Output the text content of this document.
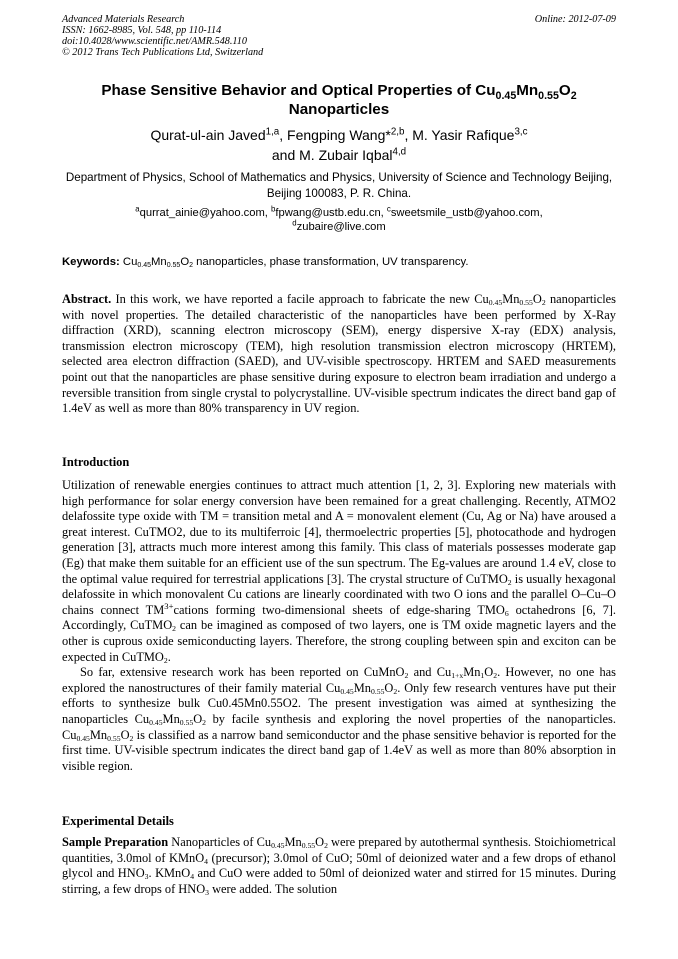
Advanced Materials Research
ISSN: 1662-8985, Vol. 548, pp 110-114
doi:10.4028/www.scientific.net/AMR.548.110
© 2012 Trans Tech Publications Ltd, Switzerland
Online: 2012-07-09
Phase Sensitive Behavior and Optical Properties of $Cu_{0.45}Mn_{0.55}O_2$
Nanoparticles
Qurat-ul-ain Javed$^{1,a}$, Fengping Wang*$^{2,b}$, M. Yasir Rafique$^{3,c}$
and M. Zubair Iqbal$^{4,d}$
Department of Physics, School of Mathematics and Physics, University of Science and Technology Beijing, Beijing 100083, P. R. China.
$^a$qurrat_ainie@yahoo.com, $^b$fpwang@ustb.edu.cn, $^c$sweetsmile_ustb@yahoo.com,
$^d$zubaire@live.com
Keywords: $Cu_{0.45}Mn_{0.55}O_2$ nanoparticles, phase transformation, UV transparency.

Abstract. In this work, we have reported a facile approach to fabricate the new Cu0.45Mn0.55O2 nanoparticles with novel properties. The detailed characteristic of the nanoparticles have been performed by X-Ray diffraction (XRD), scanning electron microscopy (SEM), energy dispersive X-ray (EDX) analysis, transmission electron microscopy (TEM), high resolution transmission electron microscopy (HRTEM), selected area electron diffraction (SAED), and UV-visible spectroscopy. HRTEM and SAED measurements point out that the nanoparticles are phase sensitive during exposure to electron beam irradiation and undergo a reversible transition from single crystal to polycrystalline. UV-visible spectrum indicates the direct band gap of 1.4eV as well as more than 80% transparency in UV region.

Introduction

Utilization of renewable energies continues to attract much attention [1, 2, 3]. Exploring new materials with high performance for solar energy conversion have been remained for a great challenging. Recently, ATMO2 delafossite type oxide with TM = transition metal and A = monovalent element (Cu, Ag or Na) have aroused a great interest. CuTMO2, due to its multiferroic [4], thermoelectric properties [5], photocathode and hydrogen generation [3], attracts much more interest among this family. This class of materials possesses moderate gap (Eg) that make them suitable for an efficient use of the sun spectrum. The Eg-values are around 1.4 eV, close to the optimal value required for terrestrial applications [3]. The crystal structure of CuTMO2 is usually hexagonal delafossite in which monovalent Cu cations are linearly coordinated with two O ions and the parallel O–Cu–O chains connect $TM^{3+}cations$ forming two-dimensional sheets of edge-sharing TMO6 octahedrons [6, 7]. Accordingly, CuTMO2 can be imagined as composed of two layers, one is TM oxide magnetic layers and the other is cuprous oxide semiconducting layers. Therefore, the strong coupling between spin and exciton can be expected in CuTMO2.

So far, extensive research work has been reported on CuMnO2 and Cu1+xMn1O2. However, no one has explored the nanostructures of their family material Cu0.45Mn0.55O2. Only few research ventures have put their efforts to synthesize bulk Cu0.45Mn0.55O2. The present investigation was aimed at synthesizing the nanoparticles Cu0.45Mn0.55O2 by facile synthesis and exploring the novel properties of the nanoparticles. Cu0.45Mn0.55O2 is classified as a narrow band semiconductor and the phase sensitive behavior is reported for the first time. UV-visible spectrum indicates the direct band gap of 1.4eV as well as more than 80% absorption in visible region.

Experimental Details

Sample Preparation Nanoparticles of Cu0.45Mn0.55O2 were prepared by autothermal synthesis. Stoichiometrical quantities, 3.0mol of KMnO4 (precursor); 3.0mol of CuO; 50ml of deionized water and a few drops of ethanol glycol and HNO3. KMnO4 and CuO were added to 50ml of deionized water and stirred for 15 minutes. During stirring, a few drops of HNO3 were added. The solution
